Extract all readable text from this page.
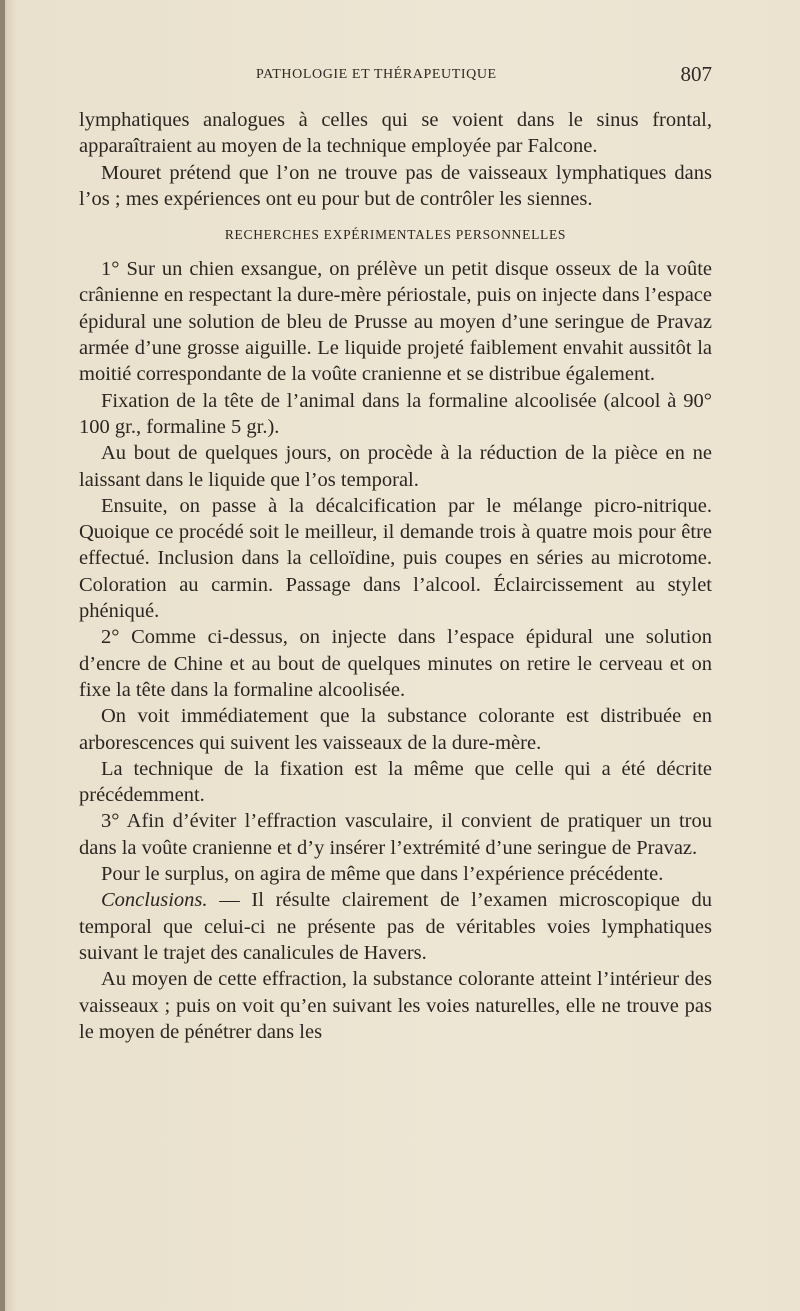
PATHOLOGIE ET THÉRAPEUTIQUE	807

lymphatiques analogues à celles qui se voient dans le sinus frontal, apparaîtraient au moyen de la technique employée par Falcone.

Mouret prétend que l’on ne trouve pas de vaisseaux lymphatiques dans l’os ; mes expériences ont eu pour but de contrôler les siennes.

RECHERCHES EXPÉRIMENTALES PERSONNELLES

1° Sur un chien exsangue, on prélève un petit disque osseux de la voûte crânienne en respectant la dure-mère périostale, puis on injecte dans l’espace épidural une solution de bleu de Prusse au moyen d’une seringue de Pravaz armée d’une grosse aiguille. Le liquide projeté faiblement envahit aussitôt la moitié correspondante de la voûte cranienne et se distribue également.

Fixation de la tête de l’animal dans la formaline alcoolisée (alcool à 90° 100 gr., formaline 5 gr.).

Au bout de quelques jours, on procède à la réduction de la pièce en ne laissant dans le liquide que l’os temporal.

Ensuite, on passe à la décalcification par le mélange picro-nitrique. Quoique ce procédé soit le meilleur, il demande trois à quatre mois pour être effectué. Inclusion dans la celloïdine, puis coupes en séries au microtome. Coloration au carmin. Passage dans l’alcool. Éclaircissement au stylet phéniqué.

2° Comme ci-dessus, on injecte dans l’espace épidural une solution d’encre de Chine et au bout de quelques minutes on retire le cerveau et on fixe la tête dans la formaline alcoolisée.

On voit immédiatement que la substance colorante est distribuée en arborescences qui suivent les vaisseaux de la dure-mère.

La technique de la fixation est la même que celle qui a été décrite précédemment.

3° Afin d’éviter l’effraction vasculaire, il convient de pratiquer un trou dans la voûte cranienne et d’y insérer l’extrémité d’une seringue de Pravaz.

Pour le surplus, on agira de même que dans l’expérience précédente.

Conclusions. — Il résulte clairement de l’examen microscopique du temporal que celui-ci ne présente pas de véritables voies lymphatiques suivant le trajet des canalicules de Havers.

Au moyen de cette effraction, la substance colorante atteint l’intérieur des vaisseaux ; puis on voit qu’en suivant les voies naturelles, elle ne trouve pas le moyen de pénétrer dans les
